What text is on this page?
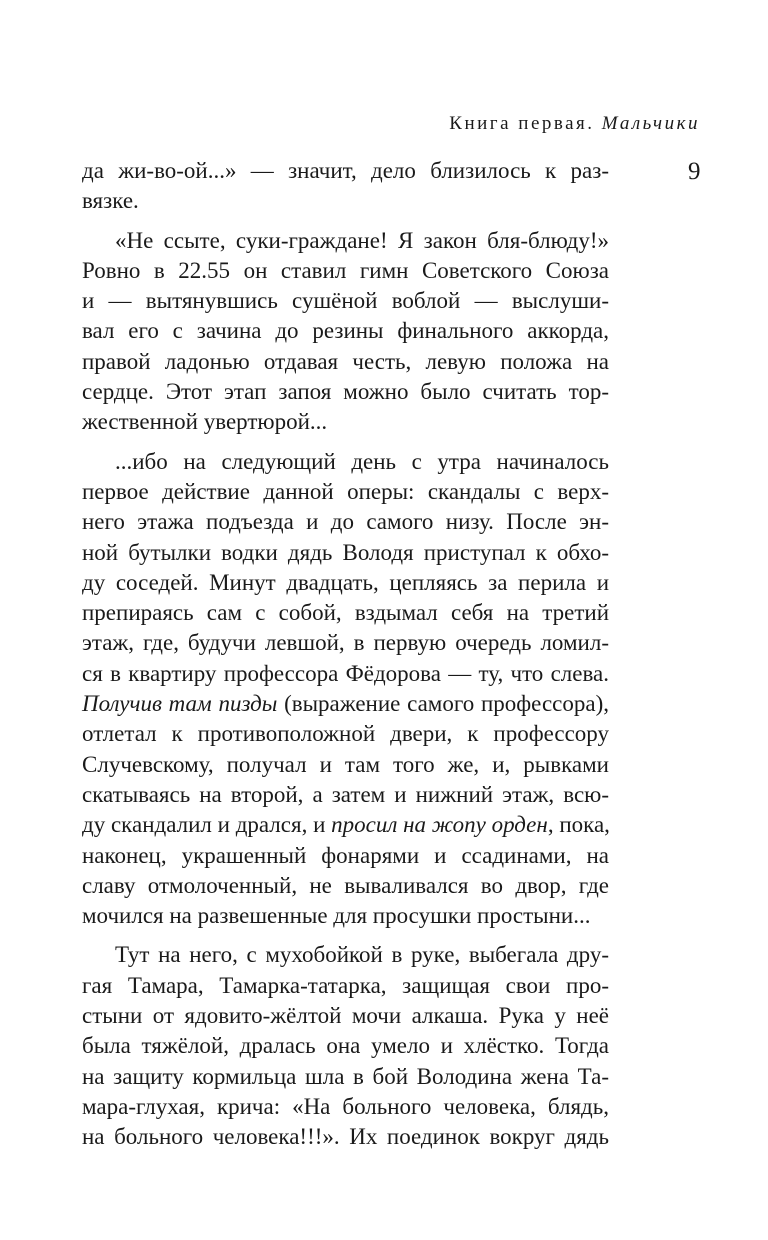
Книга первая. Мальчики
9
да жи-во-ой...» — значит, дело близилось к раз-
вязке.
«Не ссыте, суки-граждане! Я закон бля-блюду!»
Ровно в 22.55 он ставил гимн Советского Союза
и — вытянувшись сушёной воблой — выслуши-
вал его с зачина до резины финального аккорда,
правой ладонью отдавая честь, левую положа на
сердце. Этот этап запоя можно было считать тор-
жественной увертюрой...
...ибо на следующий день с утра начиналось
первое действие данной оперы: скандалы с верх-
него этажа подъезда и до самого низу. После эн-
ной бутылки водки дядь Володя приступал к обхо-
ду соседей. Минут двадцать, цепляясь за перила и
препираясь сам с собой, вздымал себя на третий
этаж, где, будучи левшой, в первую очередь ломил-
ся в квартиру профессора Фёдорова — ту, что слева.
Получив там пизды (выражение самого профессора),
отлетал к противоположной двери, к профессору
Случевскому, получал и там того же, и, рывками
скатываясь на второй, а затем и нижний этаж, всю-
ду скандалил и дрался, и просил на жопу орден, пока,
наконец, украшенный фонарями и ссадинами, на
славу отмолоченный, не вываливался во двор, где
мочился на развешенные для просушки простыни...
Тут на него, с мухобойкой в руке, выбегала дру-
гая Тамара, Тамарка-татарка, защищая свои про-
стыни от ядовито-жёлтой мочи алкаша. Рука у неё
была тяжёлой, дралась она умело и хлёстко. Тогда
на защиту кормильца шла в бой Володина жена Та-
мара-глухая, крича: «На больного человека, блядь,
на больного человека!!!». Их поединок вокруг дядь
